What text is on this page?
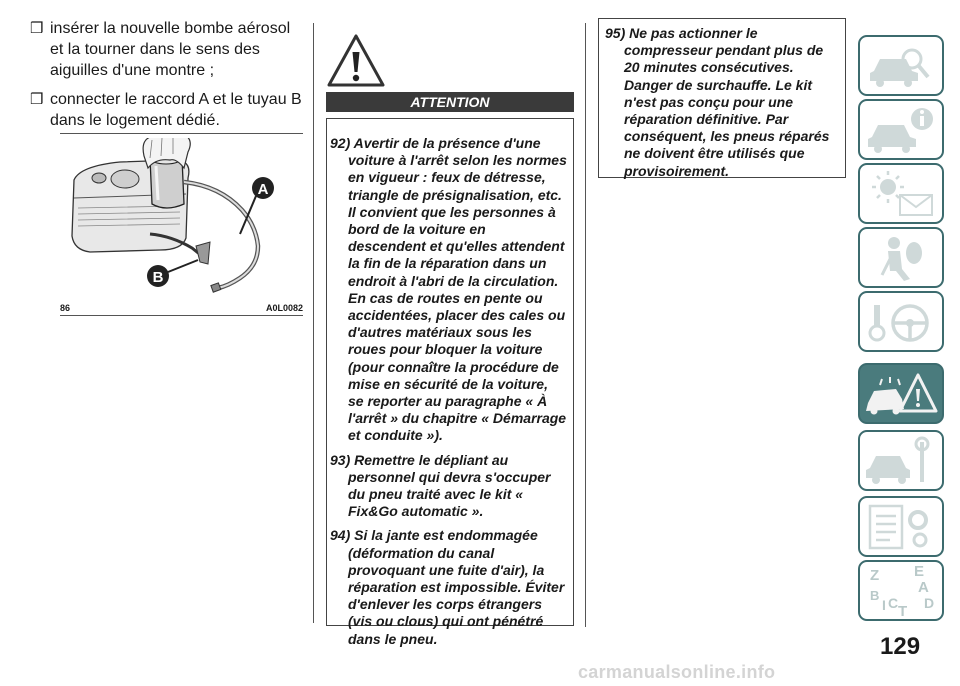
❒ insérer la nouvelle bombe aérosol et la tourner dans le sens des aiguilles d'une montre ;
❒ connecter le raccord A et le tuyau B dans le logement dédié.
A
B
86	A0L0082
ATTENTION
92) Avertir de la présence d'une voiture à l'arrêt selon les normes en vigueur : feux de détresse, triangle de présignalisation, etc. Il convient que les personnes à bord de la voiture en descendent et qu'elles attendent la fin de la réparation dans un endroit à l'abri de la circulation. En cas de routes en pente ou accidentées, placer des cales ou d'autres matériaux sous les roues pour bloquer la voiture (pour connaître la procédure de mise en sécurité de la voiture, se reporter au paragraphe « À l'arrêt » du chapitre « Démarrage et conduite »).
93) Remettre le dépliant au personnel qui devra s'occuper du pneu traité avec le kit « Fix&Go automatic ».
94) Si la jante est endommagée (déformation du canal provoquant une fuite d'air), la réparation est impossible. Éviter d'enlever les corps étrangers (vis ou clous) qui ont pénétré dans le pneu.
95) Ne pas actionner le compresseur pendant plus de 20 minutes consécutives. Danger de surchauffe. Le kit n'est pas conçu pour une réparation définitive. Par conséquent, les pneus réparés ne doivent être utilisés que provisoirement.
Z E
A
B
I C T D
129
carmanualsonline.info
